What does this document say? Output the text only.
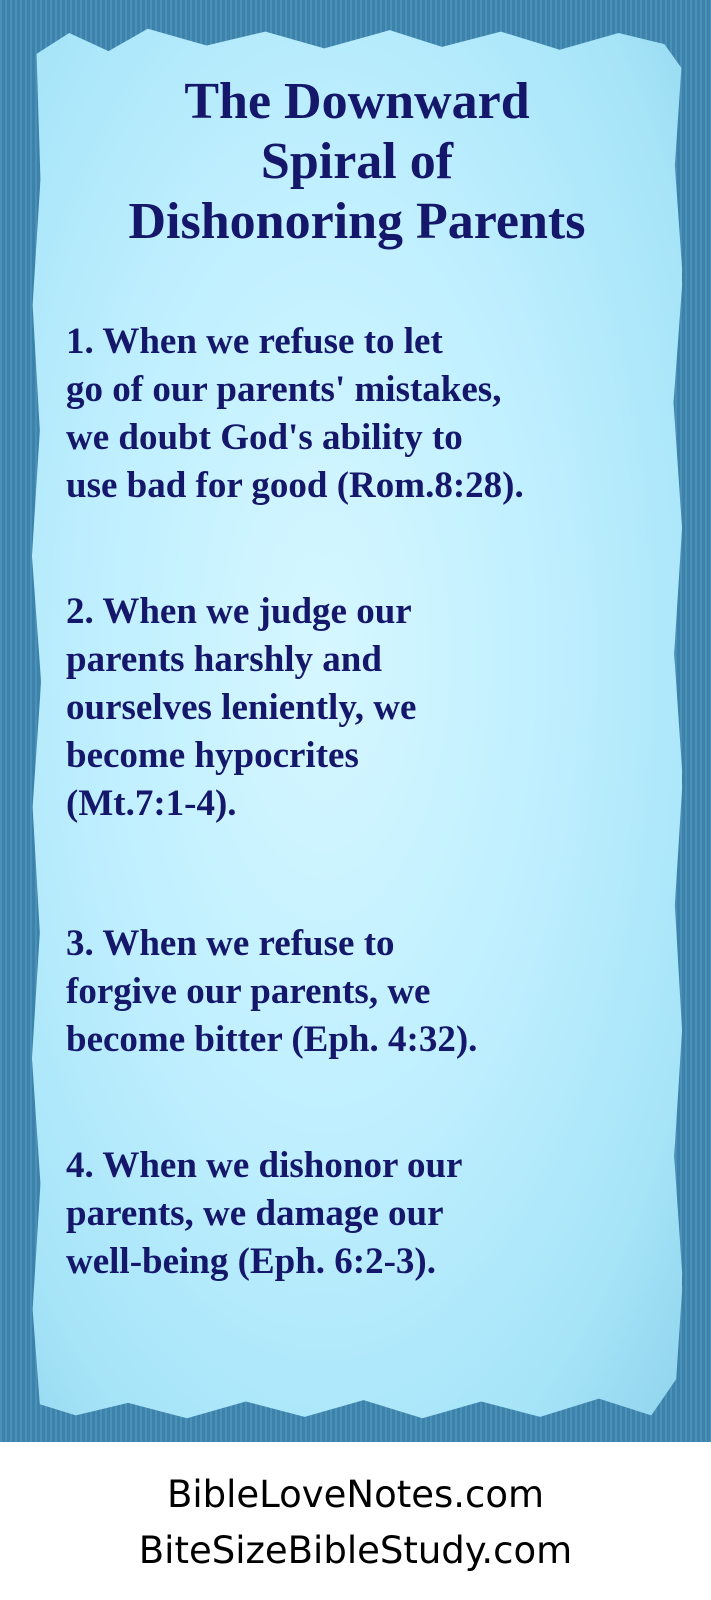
The Downward
Spiral of
Dishonoring Parents
1. When we refuse to let
go of our parents' mistakes,
we doubt God's ability to
use bad for good (Rom.8:28).
2. When we judge our
parents harshly and
ourselves leniently, we
become hypocrites
(Mt.7:1-4).
3. When we refuse to
forgive our parents, we
become bitter (Eph. 4:32).
4. When we dishonor our
parents, we damage our
well-being (Eph. 6:2-3).
BibleLoveNotes.com
BiteSizeBibleStudy.com
